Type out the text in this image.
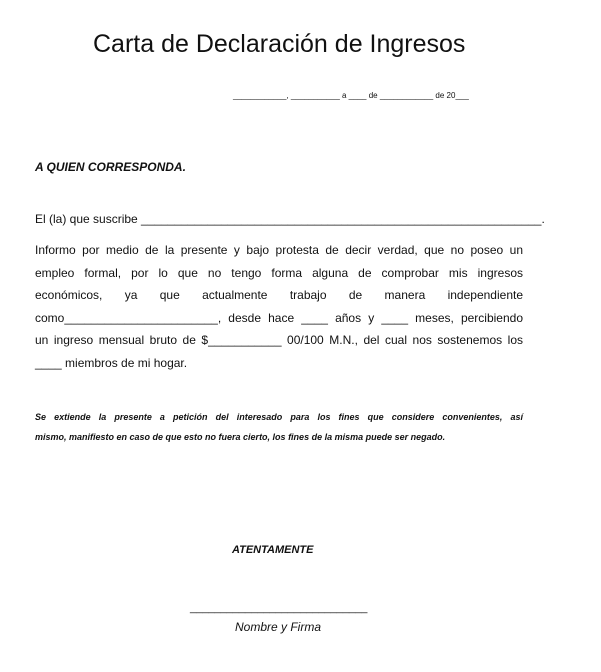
Carta de Declaración de Ingresos
____________, ___________ a ____ de ____________ de 20___
A QUIEN CORRESPONDA.
El (la) que suscribe ____________________________________________________________.
Informo por medio de la presente y bajo protesta de decir verdad, que no poseo un
empleo formal, por lo que no tengo forma alguna de comprobar mis ingresos
económicos, ya que actualmente trabajo de manera independiente
como_______________________, desde hace ____ años y ____ meses, percibiendo
un ingreso mensual bruto de $___________ 00/100 M.N., del cual nos sostenemos los
____ miembros de mi hogar.
Se extiende la presente a petición del interesado para los fines que considere convenientes, así
mismo, manifiesto en caso de que esto no fuera cierto, los fines de la misma puede ser negado.
ATENTAMENTE
_____________________________
Nombre y Firma
